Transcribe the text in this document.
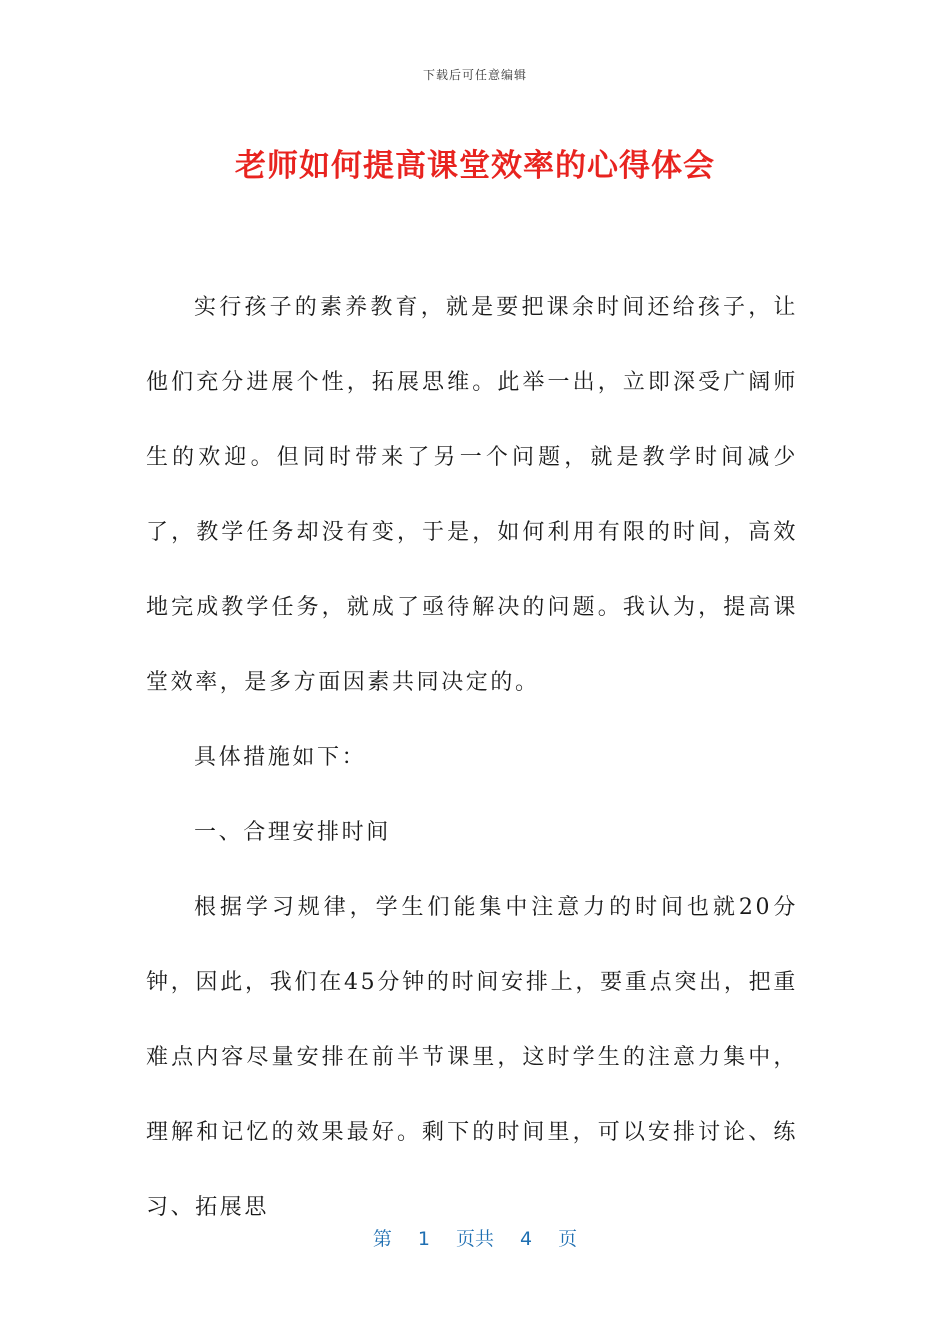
下载后可任意编辑
老师如何提高课堂效率的心得体会

实行孩子的素养教育，就是要把课余时间还给孩子，让他们充分进展个性，拓展思维。此举一出，立即深受广阔师生的欢迎。但同时带来了另一个问题，就是教学时间减少了，教学任务却没有变，于是，如何利用有限的时间，高效地完成教学任务，就成了亟待解决的问题。我认为，提高课堂效率，是多方面因素共同决定的。

具体措施如下：

一、合理安排时间

根据学习规律，学生们能集中注意力的时间也就20分钟，因此，我们在45分钟的时间安排上，要重点突出，把重难点内容尽量安排在前半节课里，这时学生的注意力集中，理解和记忆的效果最好。剩下的时间里，可以安排讨论、练习、拓展思

第 1 页共 4 页
